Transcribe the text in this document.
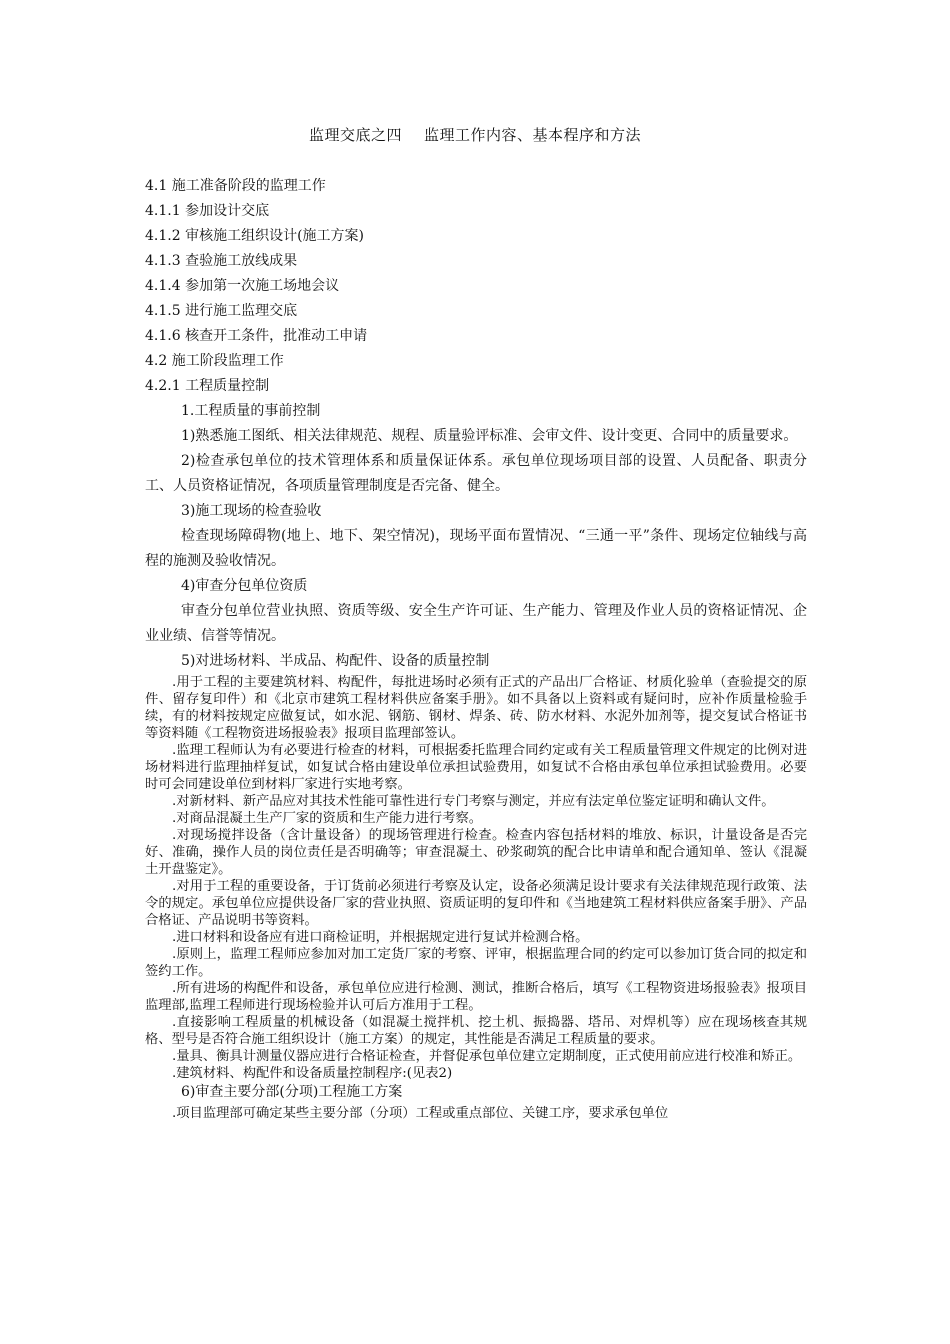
监理交底之四 监理工作内容、基本程序和方法

4.1 施工准备阶段的监理工作

4.1.1 参加设计交底

4.1.2 审核施工组织设计(施工方案)

4.1.3 查验施工放线成果

4.1.4 参加第一次施工场地会议

4.1.5 进行施工监理交底

4.1.6 核查开工条件，批准动工申请

4.2 施工阶段监理工作

4.2.1 工程质量控制

1.工程质量的事前控制

1)熟悉施工图纸、相关法律规范、规程、质量验评标准、会审文件、设计变更、合同中的质量要求。

2)检查承包单位的技术管理体系和质量保证体系。承包单位现场项目部的设置、人员配备、职责分工、人员资格证情况，各项质量管理制度是否完备、健全。

3)施工现场的检查验收

检查现场障碍物(地上、地下、架空情况)，现场平面布置情况、“三通一平”条件、现场定位轴线与高程的施测及验收情况。

4)审查分包单位资质

审查分包单位营业执照、资质等级、安全生产许可证、生产能力、管理及作业人员的资格证情况、企业业绩、信誉等情况。

5)对进场材料、半成品、构配件、设备的质量控制

.用于工程的主要建筑材料、构配件，每批进场时必须有正式的产品出厂合格证、材质化验单（查验提交的原件、留存复印件）和《北京市建筑工程材料供应备案手册》。如不具备以上资料或有疑问时，应补作质量检验手续，有的材料按规定应做复试，如水泥、钢筋、钢材、焊条、砖、防水材料、水泥外加剂等，提交复试合格证书等资料随《工程物资进场报验表》报项目监理部签认。

.监理工程师认为有必要进行检查的材料，可根据委托监理合同约定或有关工程质量管理文件规定的比例对进场材料进行监理抽样复试，如复试合格由建设单位承担试验费用，如复试不合格由承包单位承担试验费用。必要时可会同建设单位到材料厂家进行实地考察。

.对新材料、新产品应对其技术性能可靠性进行专门考察与测定，并应有法定单位鉴定证明和确认文件。

.对商品混凝土生产厂家的资质和生产能力进行考察。

.对现场搅拌设备（含计量设备）的现场管理进行检查。检查内容包括材料的堆放、标识，计量设备是否完好、准确，操作人员的岗位责任是否明确等；审查混凝土、砂浆砌筑的配合比申请单和配合通知单、签认《混凝土开盘鉴定》。

.对用于工程的重要设备，于订货前必须进行考察及认定，设备必须满足设计要求有关法律规范现行政策、法令的规定。承包单位应提供设备厂家的营业执照、资质证明的复印件和《当地建筑工程材料供应备案手册》、产品合格证、产品说明书等资料。

.进口材料和设备应有进口商检证明，并根据规定进行复试并检测合格。

.原则上，监理工程师应参加对加工定货厂家的考察、评审，根据监理合同的约定可以参加订货合同的拟定和签约工作。

.所有进场的构配件和设备，承包单位应进行检测、测试，推断合格后，填写《工程物资进场报验表》报项目监理部,监理工程师进行现场检验并认可后方准用于工程。

.直接影响工程质量的机械设备（如混凝土搅拌机、挖土机、振捣器、塔吊、对焊机等）应在现场核查其规格、型号是否符合施工组织设计（施工方案）的规定，其性能是否满足工程质量的要求。

.量具、衡具计测量仪器应进行合格证检查，并督促承包单位建立定期制度，正式使用前应进行校准和矫正。

.建筑材料、构配件和设备质量控制程序:(见表2)

6)审查主要分部(分项)工程施工方案

.项目监理部可确定某些主要分部（分项）工程或重点部位、关键工序，要求承包单位
